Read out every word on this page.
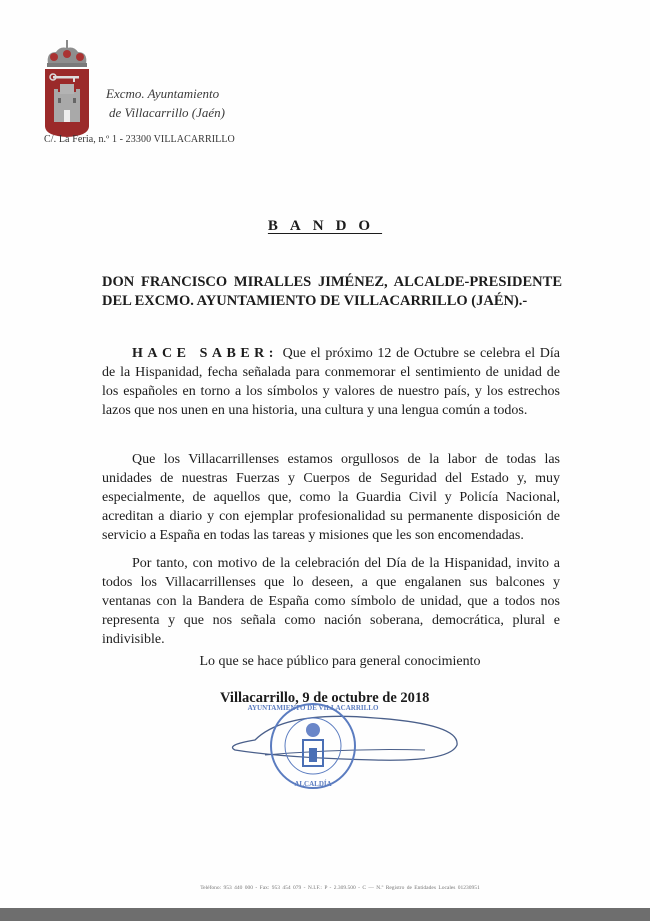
Excmo. Ayuntamiento
de Villacarrillo (Jaén)
C/. La Feria, n.º 1 - 23300 VILLACARRILLO
BANDO
DON FRANCISCO MIRALLES JIMÉNEZ, ALCALDE-PRESIDENTE DEL EXCMO. AYUNTAMIENTO DE VILLACARRILLO (JAÉN).-
HACE SABER: Que el próximo 12 de Octubre se celebra el Día de la Hispanidad, fecha señalada para conmemorar el sentimiento de unidad de los españoles en torno a los símbolos y valores de nuestro país, y los estrechos lazos que nos unen en una historia, una cultura y una lengua común a todos.
Que los Villacarrillenses estamos orgullosos de la labor de todas las unidades de nuestras Fuerzas y Cuerpos de Seguridad del Estado y, muy especialmente, de aquellos que, como la Guardia Civil y Policía Nacional, acreditan a diario y con ejemplar profesionalidad su permanente disposición de servicio a España en todas las tareas y misiones que les son encomendadas.
Por tanto, con motivo de la celebración del Día de la Hispanidad, invito a todos los Villacarrillenses que lo deseen, a que engalanen sus balcones y ventanas con la Bandera de España como símbolo de unidad, que a todos nos representa y que nos señala como nación soberana, democrática, plural e indivisible.
Lo que se hace público para general conocimiento
Villacarrillo, 9 de octubre de 2018
AYUNTAMIENTO DE VILLACARRILLO
ALCALDÍA
Teléfono: 953 440 000 - Fax: 953 454 079 - N.I.F.: P - 2.309.500 - C — N.º Registro de Entidades Locales 01230951
